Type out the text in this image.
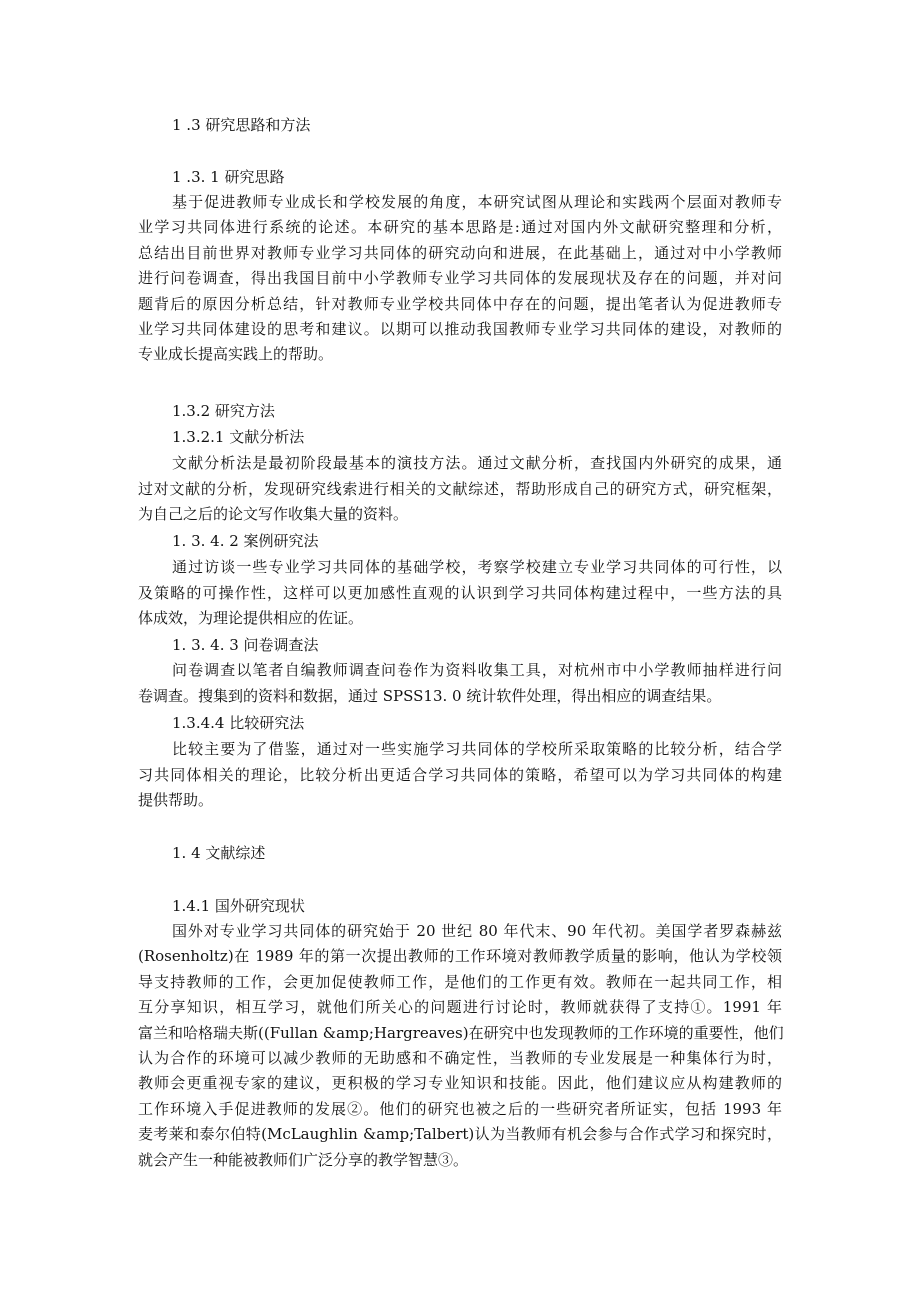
1 .3 研究思路和方法
1 .3. 1 研究思路
基于促进教师专业成长和学校发展的角度，本研究试图从理论和实践两个层面对教师专
业学习共同体进行系统的论述。本研究的基本思路是:通过对国内外文献研究整理和分析，
总结出目前世界对教师专业学习共同体的研究动向和进展，在此基础上，通过对中小学教师
进行问卷调查，得出我国目前中小学教师专业学习共同体的发展现状及存在的问题，并对问
题背后的原因分析总结，针对教师专业学校共同体中存在的问题，提出笔者认为促进教师专
业学习共同体建设的思考和建议。以期可以推动我国教师专业学习共同体的建设，对教师的
专业成长提高实践上的帮助。
1.3.2 研究方法
1.3.2.1 文献分析法
文献分析法是最初阶段最基本的演技方法。通过文献分析，查找国内外研究的成果，通
过对文献的分析，发现研究线索进行相关的文献综述，帮助形成自己的研究方式，研究框架，
为自己之后的论文写作收集大量的资料。
1. 3. 4. 2 案例研究法
通过访谈一些专业学习共同体的基础学校，考察学校建立专业学习共同体的可行性，以
及策略的可操作性，这样可以更加感性直观的认识到学习共同体构建过程中，一些方法的具
体成效，为理论提供相应的佐证。
1. 3. 4. 3 问卷调查法
问卷调查以笔者自编教师调查问卷作为资料收集工具，对杭州市中小学教师抽样进行问
卷调查。搜集到的资料和数据，通过 SPSS13. 0 统计软件处理，得出相应的调查结果。
1.3.4.4 比较研究法
比较主要为了借鉴，通过对一些实施学习共同体的学校所采取策略的比较分析，结合学
习共同体相关的理论，比较分析出更适合学习共同体的策略，希望可以为学习共同体的构建
提供帮助。
1. 4 文献综述
1.4.1 国外研究现状
国外对专业学习共同体的研究始于 20 世纪 80 年代末、90 年代初。美国学者罗森赫兹
(Rosenholtz)在 1989 年的第一次提出教师的工作环境对教师教学质量的影响，他认为学校领
导支持教师的工作，会更加促使教师工作，是他们的工作更有效。教师在一起共同工作，相
互分享知识，相互学习，就他们所关心的问题进行讨论时，教师就获得了支持①。1991 年
富兰和哈格瑞夫斯((Fullan &amp;Hargreaves)在研究中也发现教师的工作环境的重要性，他们
认为合作的环境可以减少教师的无助感和不确定性，当教师的专业发展是一种集体行为时，
教师会更重视专家的建议，更积极的学习专业知识和技能。因此，他们建议应从构建教师的
工作环境入手促进教师的发展②。他们的研究也被之后的一些研究者所证实，包括 1993 年
麦考莱和泰尔伯特(McLaughlin &amp;Talbert)认为当教师有机会参与合作式学习和探究时，
就会产生一种能被教师们广泛分享的教学智慧③。
